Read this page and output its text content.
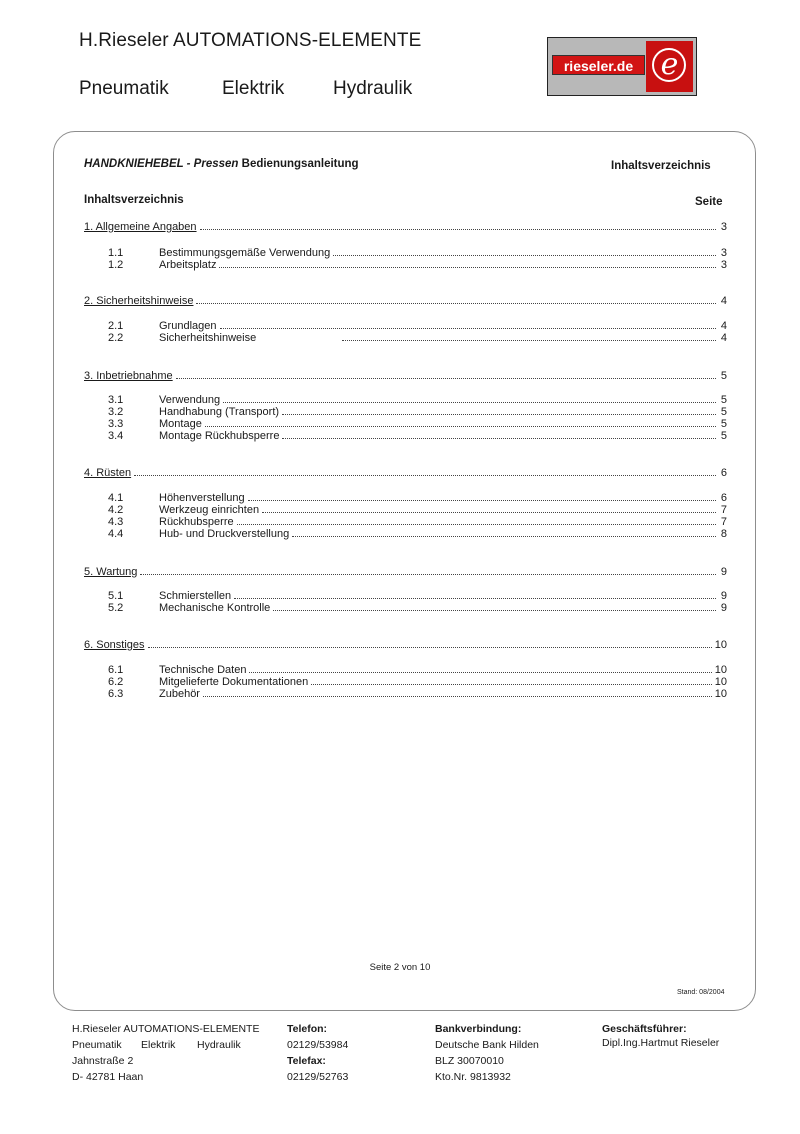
H.Rieseler AUTOMATIONS-ELEMENTE
Pneumatik	Elektrik	Hydraulik
rieseler.de e
HANDKNIEHEBEL - Pressen Bedienungsanleitung	Inhaltsverzeichnis
Inhaltsverzeichnis	Seite
1. Allgemeine Angaben	3
1.1	Bestimmungsgemäße Verwendung	3
1.2	Arbeitsplatz	3
2. Sicherheitshinweise	4
2.1	Grundlagen	4
2.2	Sicherheitshinweise	4
3. Inbetriebnahme	5
3.1	Verwendung	5
3.2	Handhabung (Transport)	5
3.3	Montage	5
3.4	Montage Rückhubsperre	5
4. Rüsten	6
4.1	Höhenverstellung	6
4.2	Werkzeug einrichten	7
4.3	Rückhubsperre	7
4.4	Hub- und Druckverstellung	8
5. Wartung	9
5.1	Schmierstellen	9
5.2	Mechanische Kontrolle	9
6. Sonstiges	10
6.1	Technische Daten	10
6.2	Mitgelieferte Dokumentationen	10
6.3	Zubehör	10
Seite 2 von 10
Stand: 08/2004
H.Rieseler AUTOMATIONS-ELEMENTE
Pneumatik Elektrik Hydraulik
Jahnstraße 2
D- 42781 Haan
Telefon:
02129/53984
Telefax:
02129/52763
Bankverbindung:
Deutsche Bank Hilden
BLZ 30070010
Kto.Nr. 9813932
Geschäftsführer:
Dipl.Ing.Hartmut Rieseler
